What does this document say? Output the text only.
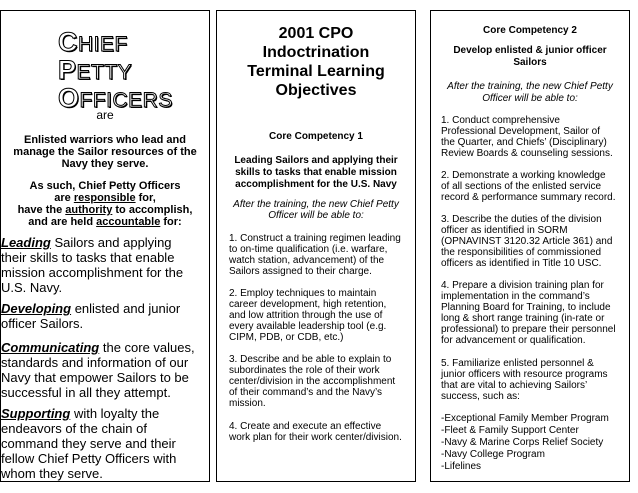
CHIEF
PETTY
OFFICERS
are
Enlisted warriors who lead and
manage the Sailor resources of the
Navy they serve.
As such, Chief Petty Officers
are responsible for,
have the authority to accomplish,
and are held accountable for:
Leading Sailors and applying
their skills to tasks that enable
mission accomplishment for the
U.S. Navy.
Developing enlisted and junior
officer Sailors.
Communicating the core values,
standards and information of our
Navy that empower Sailors to be
successful in all they attempt.
Supporting with loyalty the
endeavors of the chain of
command they serve and their
fellow Chief Petty Officers with
whom they serve.
2001 CPO
Indoctrination
Terminal Learning
Objectives
Core Competency 1
Leading Sailors and applying their
skills to tasks that enable mission
accomplishment for the U.S. Navy
After the training, the new Chief Petty
Officer will be able to:
1. Construct a training regimen leading
to on-time qualification (i.e. warfare,
watch station, advancement) of the
Sailors assigned to their charge.
2. Employ techniques to maintain
career development, high retention,
and low attrition through the use of
every available leadership tool (e.g.
CIPM, PDB, or CDB, etc.)
3. Describe and be able to explain to
subordinates the role of their work
center/division in the accomplishment
of their command’s and the Navy’s
mission.
4. Create and execute an effective
work plan for their work center/division.
Core Competency 2
Develop enlisted & junior officer
Sailors
After the training, the new Chief Petty
Officer will be able to:
1. Conduct comprehensive
Professional Development, Sailor of
the Quarter, and Chiefs’ (Disciplinary)
Review Boards & counseling sessions.
2. Demonstrate a working knowledge
of all sections of the enlisted service
record & performance summary record.
3. Describe the duties of the division
officer as identified in SORM
(OPNAVINST 3120.32 Article 361) and
the responsibilities of commissioned
officers as identified in Title 10 USC.
4. Prepare a division training plan for
implementation in the command’s
Planning Board for Training, to include
long & short range training (in-rate or
professional) to prepare their personnel
for advancement or qualification.
5. Familiarize enlisted personnel &
junior officers with resource programs
that are vital to achieving Sailors’
success, such as:
-Exceptional Family Member Program
-Fleet & Family Support Center
-Navy & Marine Corps Relief Society
-Navy College Program
-Lifelines
